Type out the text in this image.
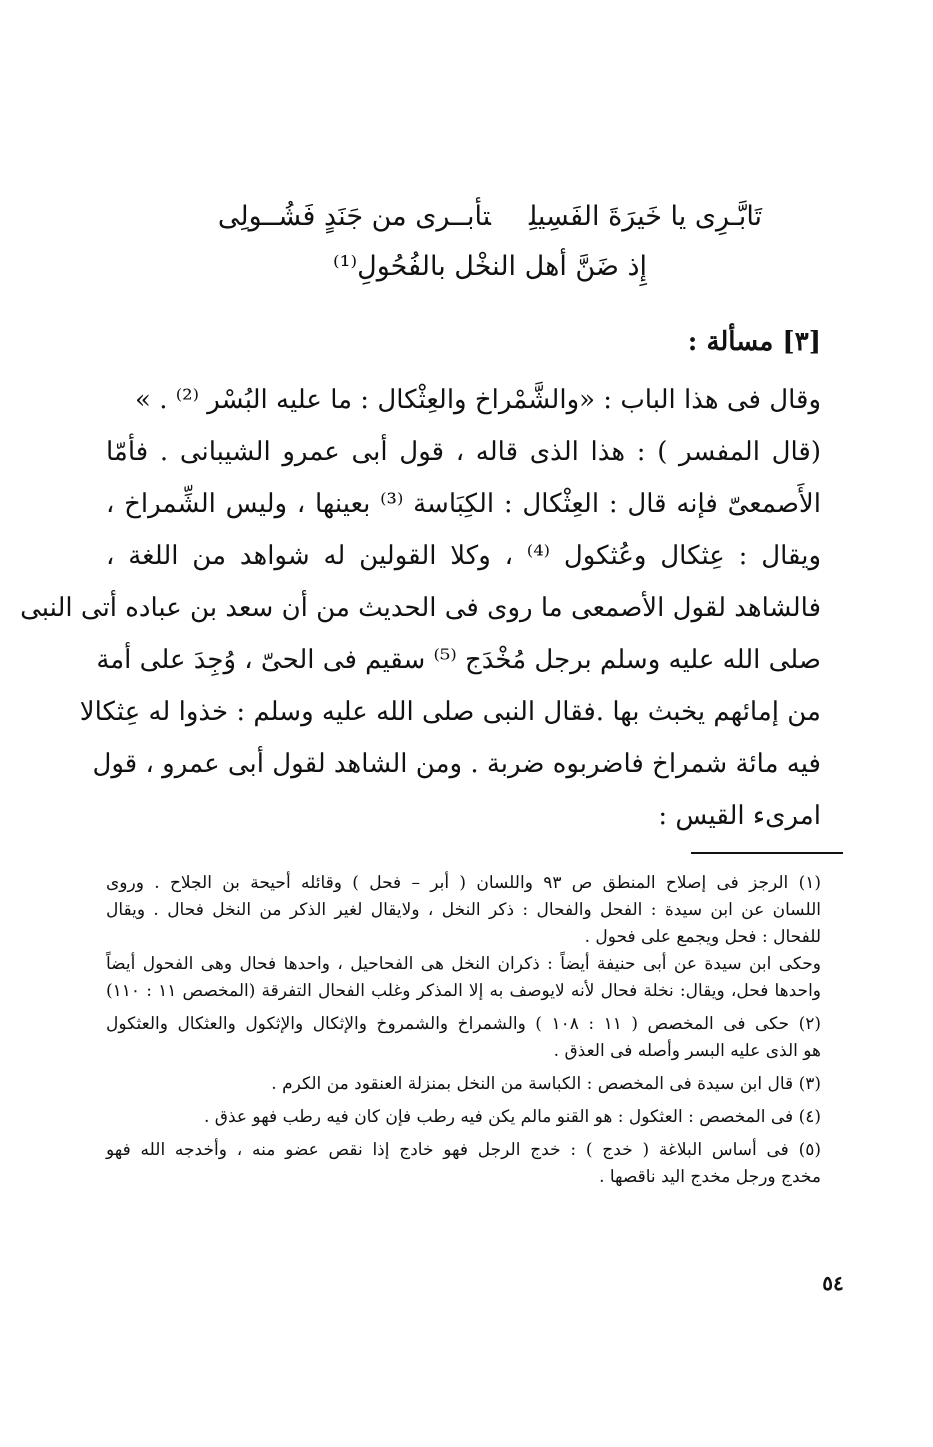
تَابَّـرِى يا خَيرَةَ الفَسِيلِتأبــرى من جَنَدٍ فَشُــولِى
إِذ ضَنَّ أهل النخْل بالفُحُولِ⁽¹⁾
[٣] مسألة :
وقال فى هذا الباب : «والشَّمْراخ والعِثْكال : ما عليه البُسْر ⁽²⁾ . »
(قال المفسر ) : هذا الذى قاله ، قول أبى عمرو الشيبانى . فأمّا
الأَصمعىّ فإنه قال : العِثْكال : الكِبَاسة ⁽³⁾ بعينها ، وليس الشِّمراخ ،
ويقال : عِثكال وعُثكول ⁽⁴⁾ ، وكلا القولين له شواهد من اللغة ،
فالشاهد لقول الأصمعى ما روى فى الحديث من أن سعد بن عباده أتى النبى
صلى الله عليه وسلم برجل مُخْدَج ⁽⁵⁾ سقيم فى الحىّ ، وُجِدَ على أمة
من إمائهم يخبث بها .فقال النبى صلى الله عليه وسلم : خذوا له عِثكالا
فيه مائة شمراخ فاضربوه ضربة . ومن الشاهد لقول أبى عمرو ، قول
امرىء القيس :
(١) الرجز فى إصلاح المنطق ص ٩٣ واللسان ( أبر – فحل ) وقائله أحيحة بن الجلاح . وروى
اللسان عن ابن سيدة : الفحل والفحال : ذكر النخل ، ولايقال لغير الذكر من النخل فحال . ويقال
للفحال : فحل ويجمع على فحول .
وحكى ابن سيدة عن أبى حنيفة أيضاً : ذكران النخل هى الفحاحيل ، واحدها فحال وهى الفحول أيضاً
واحدها فحل، ويقال: نخلة فحال لأنه لايوصف به إلا المذكر وغلب الفحال التفرقة (المخصص ١١ : ١١٠)
(٢) حكى فى المخصص ( ١١ : ١٠٨ ) والشمراخ والشمروخ والإثكال والإثكول والعثكال والعثكول
هو الذى عليه البسر وأصله فى العذق .
(٣) قال ابن سيدة فى المخصص : الكباسة من النخل بمنزلة العنقود من الكرم .
(٤) فى المخصص : العثكول : هو القنو مالم يكن فيه رطب فإن كان فيه رطب فهو عذق .
(٥) فى أساس البلاغة ( خدج ) : خدج الرجل فهو خادج إذا نقص عضو منه ، وأخدجه الله فهو
مخدج ورجل مخدج اليد ناقصها .
٥٤
